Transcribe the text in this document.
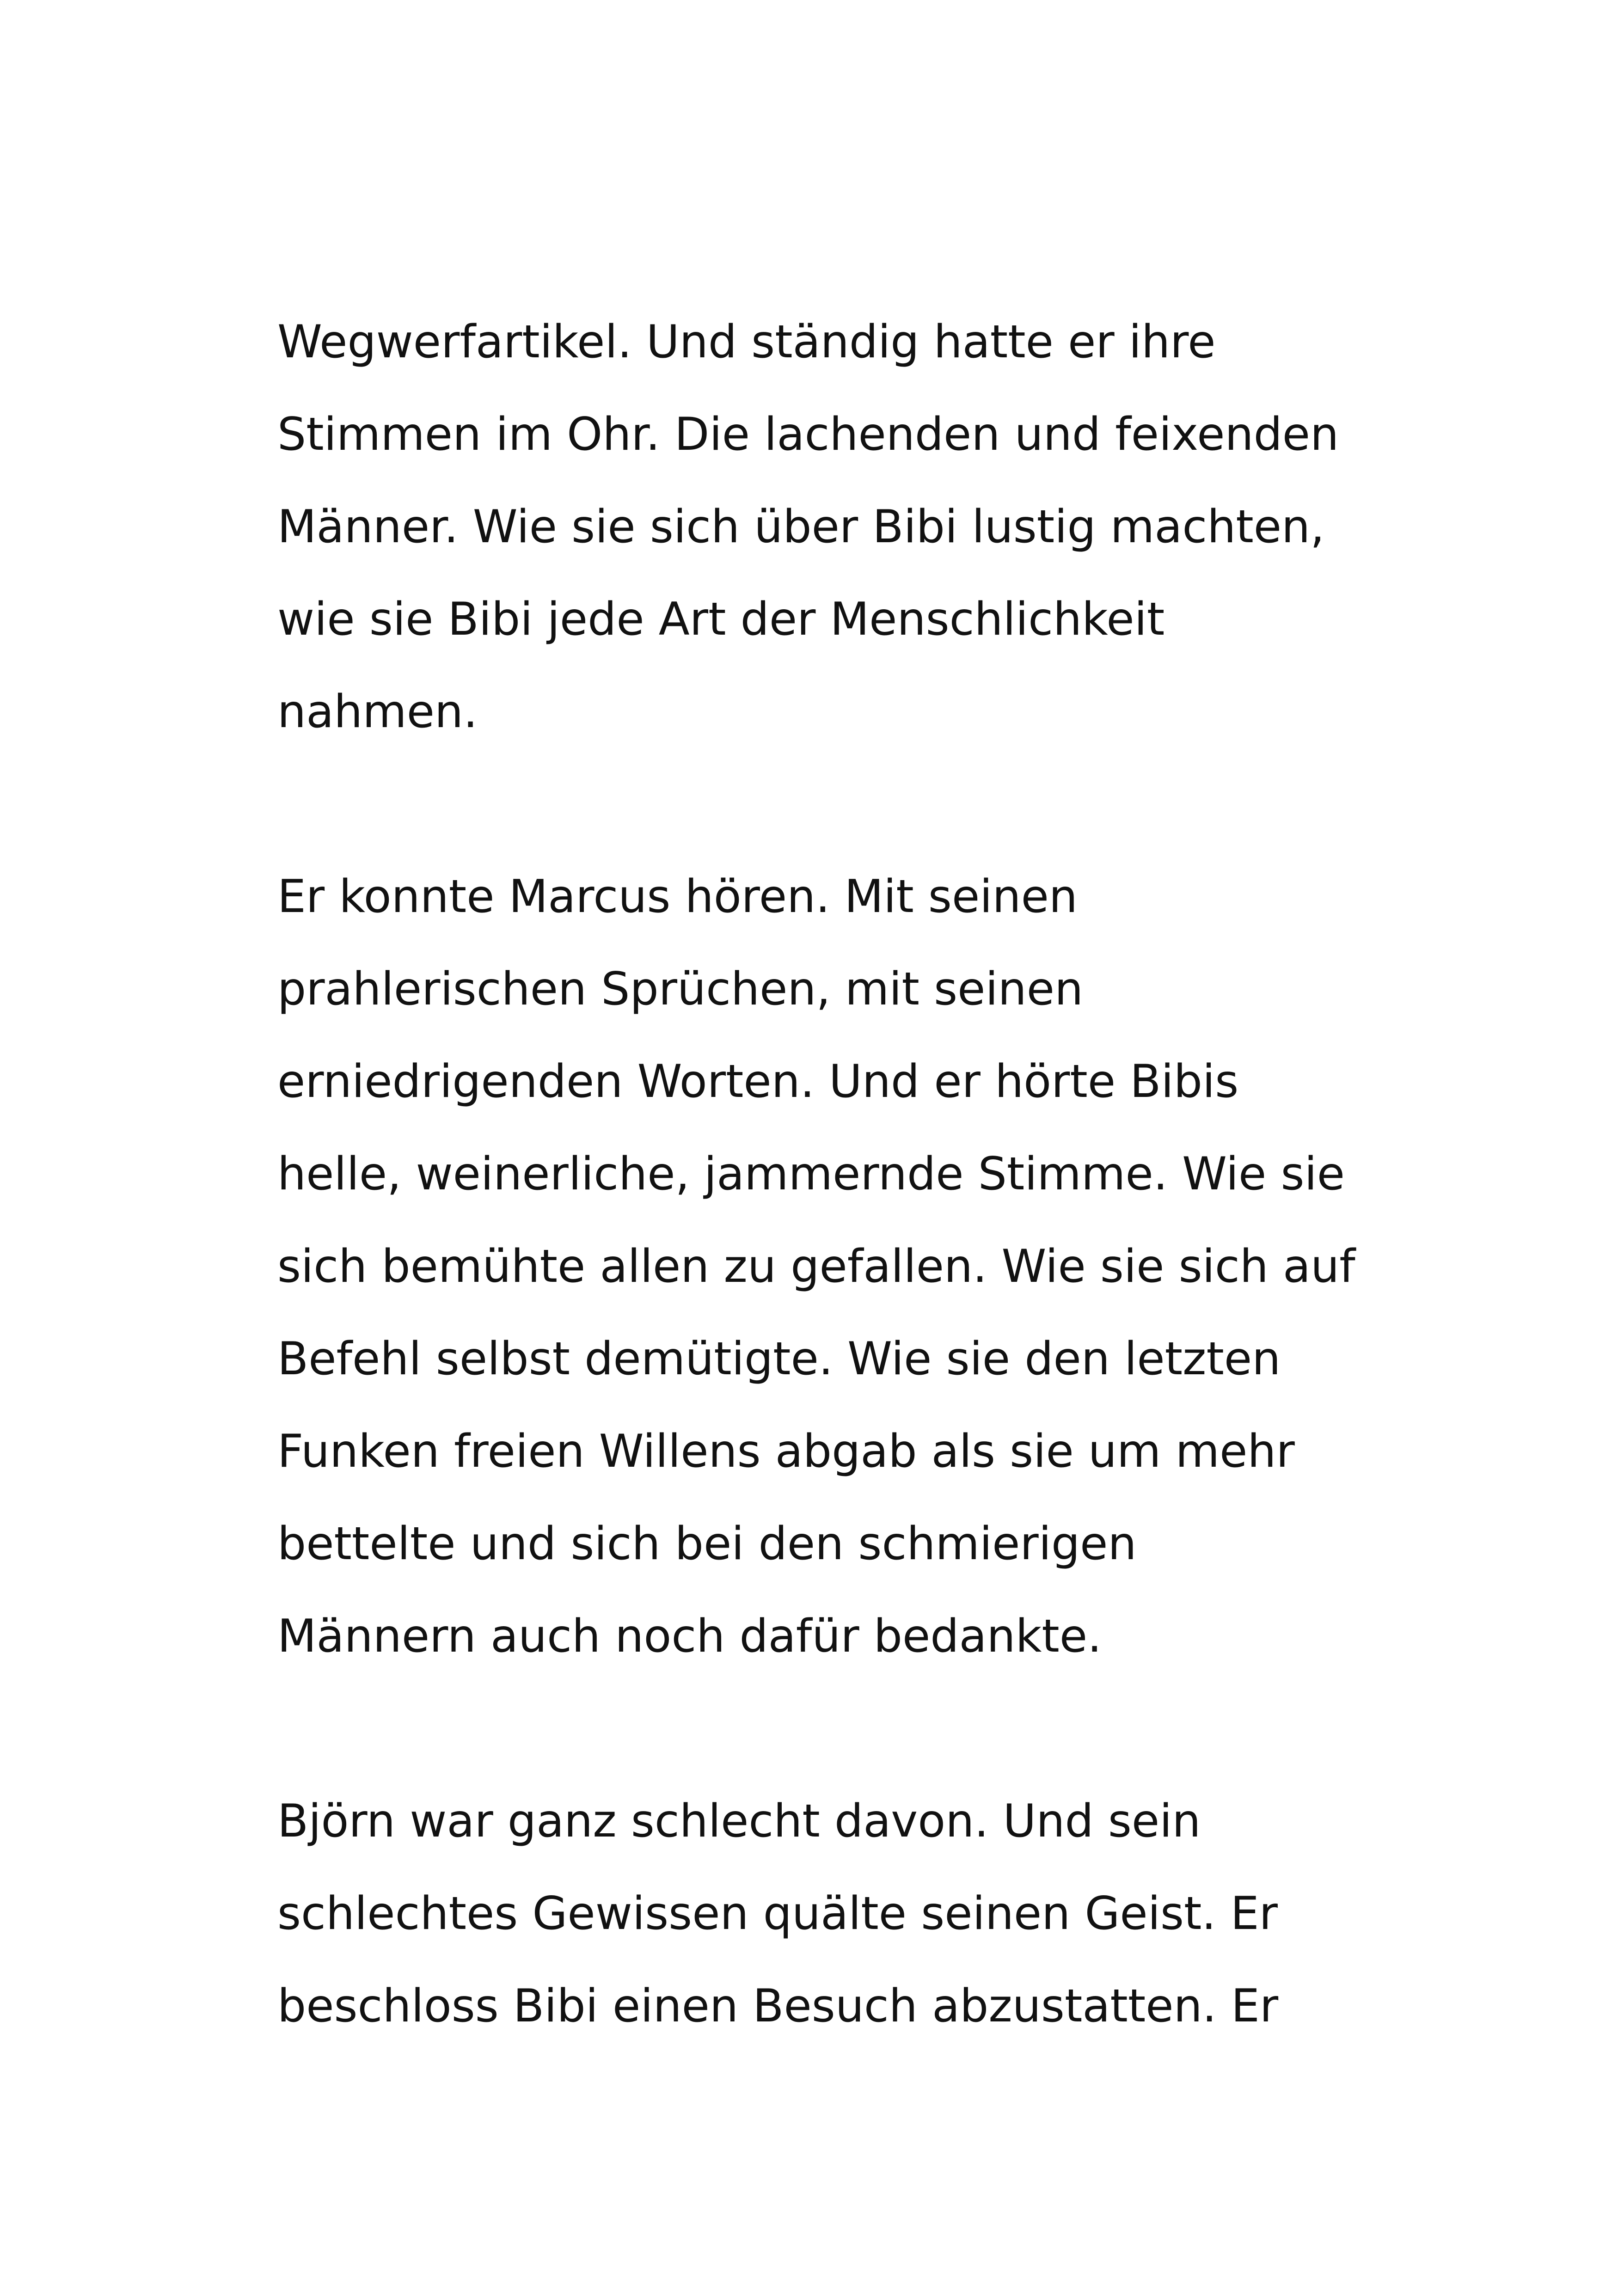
Wegwerfartikel. Und ständig hatte er ihre
Stimmen im Ohr. Die lachenden und feixenden
Männer. Wie sie sich über Bibi lustig machten,
wie sie Bibi jede Art der Menschlichkeit
nahmen.
Er konnte Marcus hören. Mit seinen
prahlerischen Sprüchen, mit seinen
erniedrigenden Worten. Und er hörte Bibis
helle, weinerliche, jammernde Stimme. Wie sie
sich bemühte allen zu gefallen. Wie sie sich auf
Befehl selbst demütigte. Wie sie den letzten
Funken freien Willens abgab als sie um mehr
bettelte und sich bei den schmierigen
Männern auch noch dafür bedankte.
Björn war ganz schlecht davon. Und sein
schlechtes Gewissen quälte seinen Geist. Er
beschloss Bibi einen Besuch abzustatten. Er
